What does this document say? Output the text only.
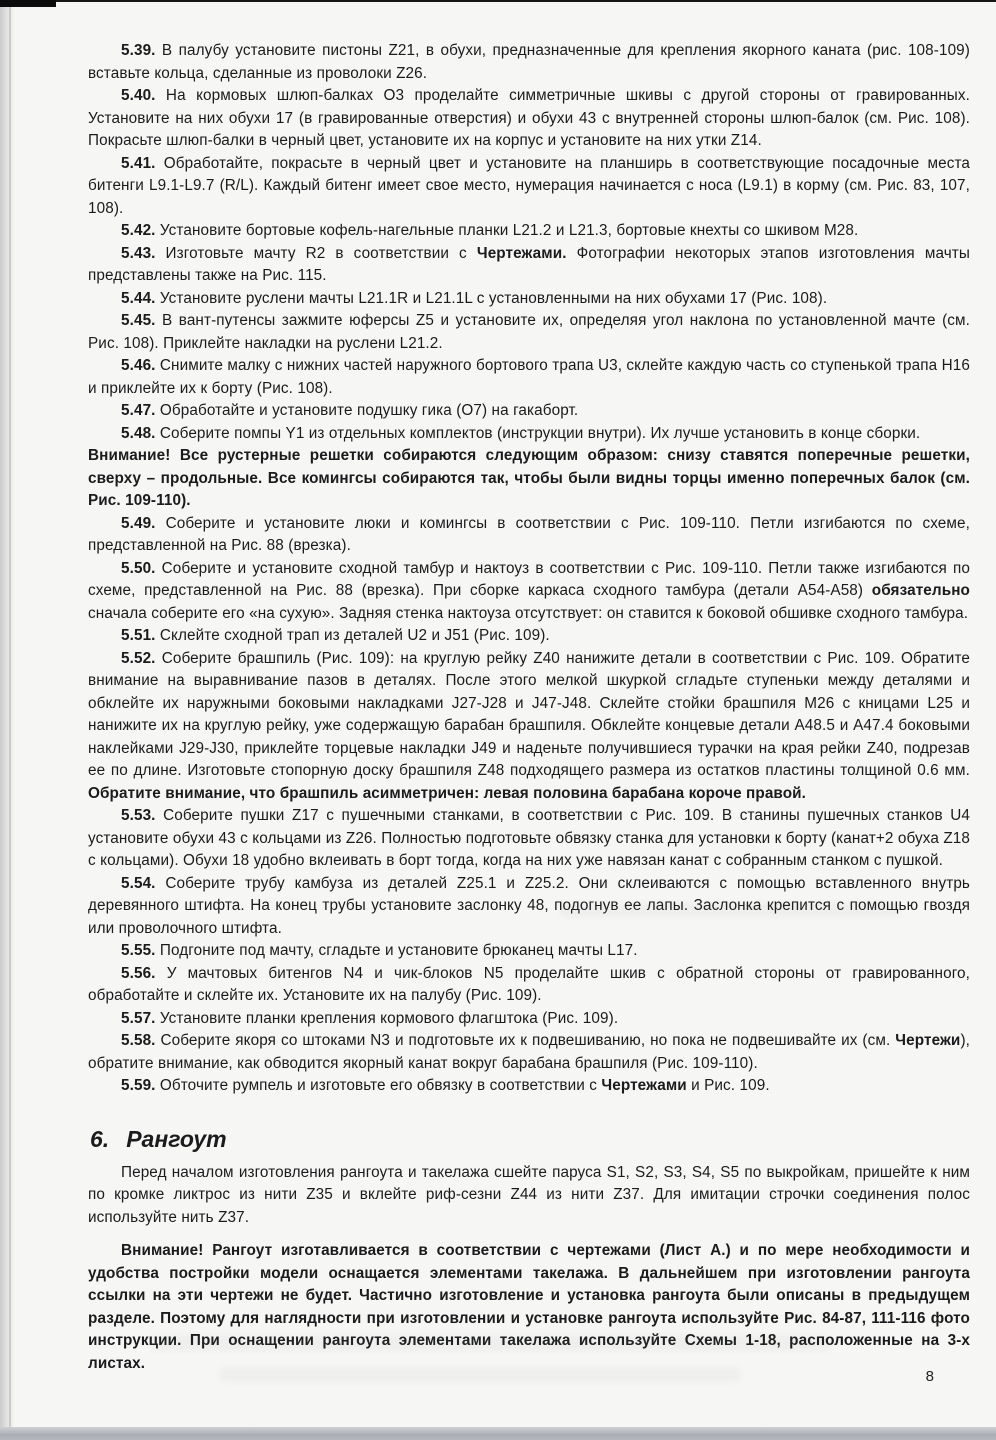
5.39. В палубу установите пистоны Z21, в обухи, предназначенные для крепления якорного каната (рис. 108-109) вставьте кольца, сделанные из проволоки Z26.

5.40. На кормовых шлюп-балках O3 проделайте симметричные шкивы с другой стороны от гравированных. Установите на них обухи 17 (в гравированные отверстия) и обухи 43 с внутренней стороны шлюп-балок (см. Рис. 108). Покрасьте шлюп-балки в черный цвет, установите их на корпус и установите на них утки Z14.

5.41. Обработайте, покрасьте в черный цвет и установите на планширь в соответствующие посадочные места битенги L9.1-L9.7 (R/L). Каждый битенг имеет свое место, нумерация начинается с носа (L9.1) в корму (см. Рис. 83, 107, 108).

5.42. Установите бортовые кофель-нагельные планки L21.2 и L21.3, бортовые кнехты со шкивом M28.

5.43. Изготовьте мачту R2 в соответствии с Чертежами. Фотографии некоторых этапов изготовления мачты представлены также на Рис. 115.

5.44. Установите руслени мачты L21.1R и L21.1L с установленными на них обухами 17 (Рис. 108).

5.45. В вант-путенсы зажмите юферсы Z5 и установите их, определяя угол наклона по установленной мачте (см. Рис. 108). Приклейте накладки на руслени L21.2.

5.46. Снимите малку с нижних частей наружного бортового трапа U3, склейте каждую часть со ступенькой трапа H16 и приклейте их к борту (Рис. 108).

5.47. Обработайте и установите подушку гика (O7) на гакаборт.

5.48. Соберите помпы Y1 из отдельных комплектов (инструкции внутри). Их лучше установить в конце сборки.

Внимание! Все рустерные решетки собираются следующим образом: снизу ставятся поперечные решетки, сверху – продольные. Все комингсы собираются так, чтобы были видны торцы именно поперечных балок (см. Рис. 109-110).

5.49. Соберите и установите люки и комингсы в соответствии с Рис. 109-110. Петли изгибаются по схеме, представленной на Рис. 88 (врезка).

5.50. Соберите и установите сходной тамбур и нактоуз в соответствии с Рис. 109-110. Петли также изгибаются по схеме, представленной на Рис. 88 (врезка). При сборке каркаса сходного тамбура (детали A54-A58) обязательно сначала соберите его «на сухую». Задняя стенка нактоуза отсутствует: он ставится к боковой обшивке сходного тамбура.

5.51. Склейте сходной трап из деталей U2 и J51 (Рис. 109).

5.52. Соберите брашпиль (Рис. 109): на круглую рейку Z40 нанижите детали в соответствии с Рис. 109. Обратите внимание на выравнивание пазов в деталях. После этого мелкой шкуркой сгладьте ступеньки между деталями и обклейте их наружными боковыми накладками J27-J28 и J47-J48. Склейте стойки брашпиля M26 с кницами L25 и нанижите их на круглую рейку, уже содержащую барабан брашпиля. Обклейте концевые детали A48.5 и A47.4 боковыми наклейками J29-J30, приклейте торцевые накладки J49 и наденьте получившиеся турачки на края рейки Z40, подрезав ее по длине. Изготовьте стопорную доску брашпиля Z48 подходящего размера из остатков пластины толщиной 0.6 мм. Обратите внимание, что брашпиль асимметричен: левая половина барабана короче правой.

5.53. Соберите пушки Z17 с пушечными станками, в соответствии с Рис. 109. В станины пушечных станков U4 установите обухи 43 с кольцами из Z26. Полностью подготовьте обвязку станка для установки к борту (канат+2 обуха Z18 с кольцами). Обухи 18 удобно вклеивать в борт тогда, когда на них уже навязан канат с собранным станком с пушкой.

5.54. Соберите трубу камбуза из деталей Z25.1 и Z25.2. Они склеиваются с помощью вставленного внутрь деревянного штифта. На конец трубы установите заслонку 48, подогнув ее лапы. Заслонка крепится с помощью гвоздя или проволочного штифта.

5.55. Подгоните под мачту, сгладьте и установите брюканец мачты L17.

5.56. У мачтовых битенгов N4 и чик-блоков N5 проделайте шкив с обратной стороны от гравированного, обработайте и склейте их. Установите их на палубу (Рис. 109).

5.57. Установите планки крепления кормового флагштока (Рис. 109).

5.58. Соберите якоря со штоками N3 и подготовьте их к подвешиванию, но пока не подвешивайте их (см. Чертежи), обратите внимание, как обводится якорный канат вокруг барабана брашпиля (Рис. 109-110).

5.59. Обточите румпель и изготовьте его обвязку в соответствии с Чертежами и Рис. 109.

6. Рангоут

Перед началом изготовления рангоута и такелажа сшейте паруса S1, S2, S3, S4, S5 по выкройкам, пришейте к ним по кромке ликтрос из нити Z35 и вклейте риф-сезни Z44 из нити Z37. Для имитации строчки соединения полос используйте нить Z37.

Внимание! Рангоут изготавливается в соответствии с чертежами (Лист А.) и по мере необходимости и удобства постройки модели оснащается элементами такелажа. В дальнейшем при изготовлении рангоута ссылки на эти чертежи не будет. Частично изготовление и установка рангоута были описаны в предыдущем разделе. Поэтому для наглядности при изготовлении и установке рангоута используйте Рис. 84-87, 111-116 фото инструкции. При оснащении рангоута элементами такелажа используйте Схемы 1-18, расположенные на 3-х листах.

8
